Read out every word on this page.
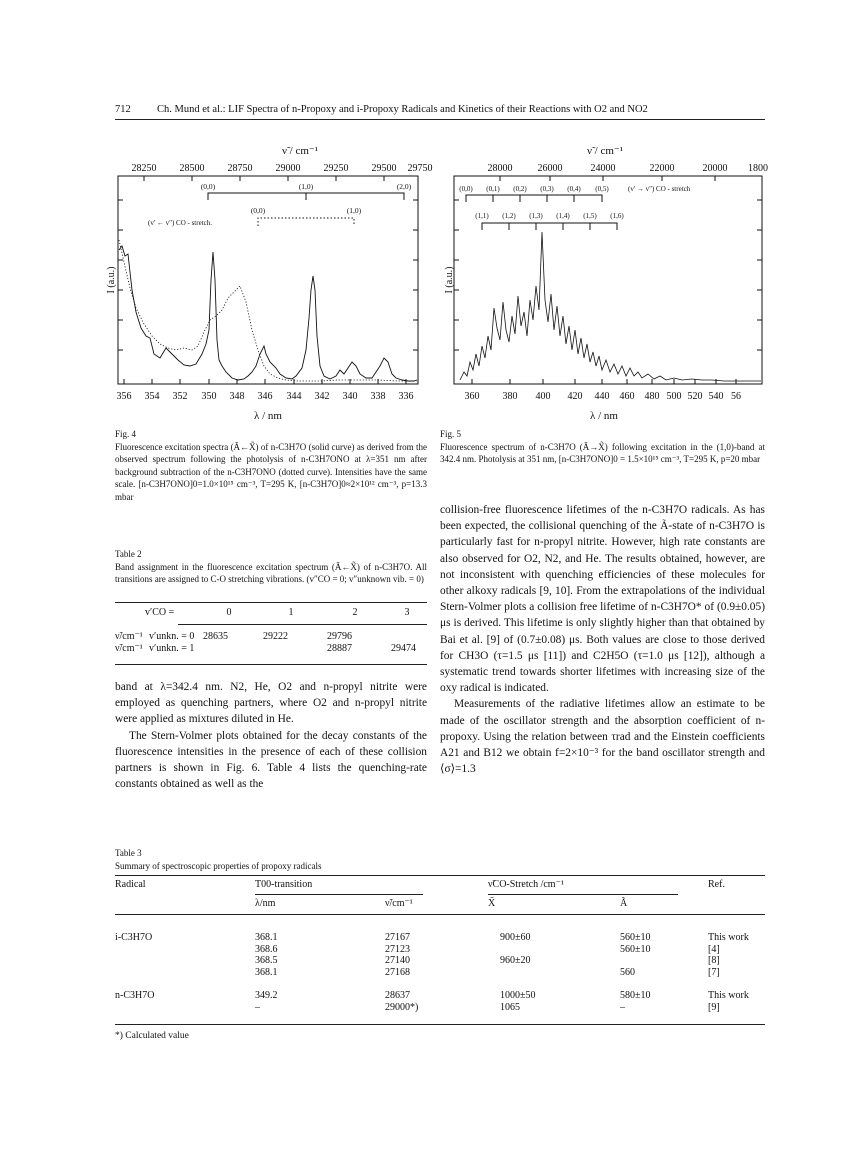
712	Ch. Mund et al.: LIF Spectra of n-Propoxy and i-Propoxy Radicals and Kinetics of their Reactions with O2 and NO2
ν̃ / cm⁻¹
28250 28500 28750 29000 29250 29500 29750
(0,0)	(1,0)	(2,0)
(0,0)	(1,0)
(v' ← v") CO - stretch.
I (a.u.)
356 354 352 350 348 346 344 342 340 338 336
λ / nm
Fig. 4
Fluorescence excitation spectra (Ã←X̃) of n-C3H7O (solid curve) as derived from the observed spectrum following the photolysis of n-C3H7ONO at λ=351 nm after background subtraction of the n-C3H7ONO (dotted curve). Intensities have the same scale. [n-C3H7ONO]0=1.0×10¹⁵ cm⁻³, T=295 K, [n-C3H7O]0≈2×10¹² cm⁻³, p=13.3 mbar
ν̃ / cm⁻¹
28000	26000	24000	22000	20000 1800
(0,0) (0,1) (0,2) (0,3) (0,4) (0,5)	(v' → v") CO - stretch
(1,1) (1,2) (1,3) (1,4) (1,5) (1,6)
I (a.u.)
360 380 400 420 440 460 480 500 520 540 56
λ / nm
Fig. 5
Fluorescence spectrum of n-C3H7O (Ã→X̃) following excitation in the (1,0)-band at 342.4 nm. Photolysis at 351 nm, [n-C3H7ONO]0 = 1.5×10¹⁵ cm⁻³, T=295 K, p=20 mbar
Table 2
Band assignment in the fluorescence excitation spectrum (Ã←X̃) of n-C3H7O. All transitions are assigned to C-O stretching vibrations. (v″CO = 0; v″unknown vib. = 0)
	v′CO =	0	1	2	3
ν̃/cm⁻¹	v′unkn. = 0	28635	29222	29796	
ν̃/cm⁻¹	v′unkn. = 1			28887	29474

band at λ=342.4 nm. N2, He, O2 and n-propyl nitrite were employed as quenching partners, where O2 and n-propyl nitrite were applied as mixtures diluted in He.

The Stern-Volmer plots obtained for the decay constants of the fluorescence intensities in the presence of each of these collision partners is shown in Fig. 6. Table 4 lists the quenching-rate constants obtained as well as the

collision-free fluorescence lifetimes of the n-C3H7O radicals. As has been expected, the collisional quenching of the Ã-state of n-C3H7O is particularly fast for n-propyl nitrite. However, high rate constants are also observed for O2, N2, and He. The results obtained, however, are not inconsistent with quenching efficiencies of these molecules for other alkoxy radicals [9, 10]. From the extrapolations of the individual Stern-Volmer plots a collision free lifetime of n-C3H7O* of (0.9±0.05) μs is derived. This lifetime is only slightly higher than that obtained by Bai et al. [9] of (0.7±0.08) μs. Both values are close to those derived for CH3O (τ=1.5 μs [11]) and C2H5O (τ=1.0 μs [12]), although a systematic trend towards shorter lifetimes with increasing size of the oxy radical is indicated.

Measurements of the radiative lifetimes allow an estimate to be made of the oscillator strength and the absorption coefficient of n-propoxy. Using the relation between τrad and the Einstein coefficients A21 and B12 we obtain f=2×10⁻³ for the band oscillator strength and ⟨σ⟩=1.3

Table 3
Summary of spectroscopic properties of propoxy radicals
Radical	T00-transition	ν̃CO-Stretch /cm⁻¹	Ref.
λ/nm	ν̃/cm⁻¹	X̃	Ã
i-C3H7O	368.1	27167	900±60	560±10	This work
	368.6	27123		560±10	[4]
	368.5	27140	960±20		[8]
	368.1	27168		560	[7]
n-C3H7O	349.2	28637	1000±50	580±10	This work
	–	29000*)	1065	–	[9]
*) Calculated value
